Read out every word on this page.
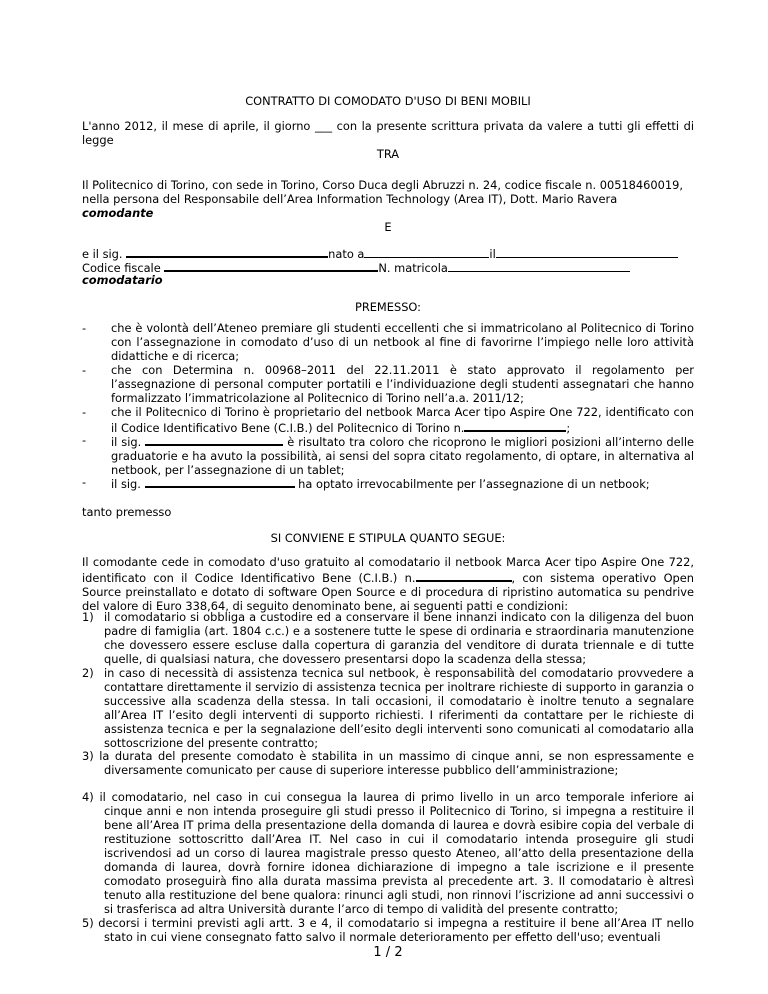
CONTRATTO DI COMODATO D'USO DI BENI MOBILI

L'anno 2012, il mese di aprile, il giorno ___ con la presente scrittura privata da valere a tutti gli effetti di legge

TRA

Il Politecnico di Torino, con sede in Torino, Corso Duca degli Abruzzi n. 24, codice fiscale n. 00518460019, nella persona del Responsabile dell’Area Information Technology (Area IT), Dott. Mario Ravera

comodante

E

e il sig.	nato a	il

Codice fiscale	N. matricola

comodatario

PREMESSO:

-	che è volontà dell’Ateneo premiare gli studenti eccellenti che si immatricolano al Politecnico di Torino con l’assegnazione in comodato d’uso di un netbook al fine di favorirne l’impiego nelle loro attività didattiche e di ricerca;

-	che con Determina n. 00968–2011 del 22.11.2011 è stato approvato il regolamento per l’assegnazione di personal computer portatili e l’individuazione degli studenti assegnatari che hanno formalizzato l’immatricolazione al Politecnico di Torino nell’a.a. 2011/12;

-	che il Politecnico di Torino è proprietario del netbook Marca Acer tipo Aspire One 722, identificato con il Codice Identificativo Bene (C.I.B.) del Politecnico di Torino n.	;

-	il sig.	è risultato tra coloro che ricoprono le migliori posizioni all’interno delle graduatorie e ha avuto la possibilità, ai sensi del sopra citato regolamento, di optare, in alternativa al netbook, per l’assegnazione di un tablet;

-	il sig.	ha optato irrevocabilmente per l’assegnazione di un netbook;

tanto premesso

SI CONVIENE E STIPULA QUANTO SEGUE:

Il comodante cede in comodato d'uso gratuito al comodatario il netbook Marca Acer tipo Aspire One 722, identificato con il Codice Identificativo Bene (C.I.B.) n.	, con sistema operativo Open Source preinstallato e dotato di software Open Source e di procedura di ripristino automatica su pendrive del valore di Euro 338,64, di seguito denominato bene, ai seguenti patti e condizioni:

1) il comodatario si obbliga a custodire ed a conservare il bene innanzi indicato con la diligenza del buon padre di famiglia (art. 1804 c.c.) e a sostenere tutte le spese di ordinaria e straordinaria manutenzione che dovessero essere escluse dalla copertura di garanzia del venditore di durata triennale e di tutte quelle, di qualsiasi natura, che dovessero presentarsi dopo la scadenza della stessa;

2) in caso di necessità di assistenza tecnica sul netbook, è responsabilità del comodatario provvedere a contattare direttamente il servizio di assistenza tecnica per inoltrare richieste di supporto in garanzia o successive alla scadenza della stessa. In tali occasioni, il comodatario è inoltre tenuto a segnalare all’Area IT l’esito degli interventi di supporto richiesti. I riferimenti da contattare per le richieste di assistenza tecnica e per la segnalazione dell’esito degli interventi sono comunicati al comodatario alla sottoscrizione del presente contratto;

3) la durata del presente comodato è stabilita in un massimo di cinque anni, se non espressamente e diversamente comunicato per cause di superiore interesse pubblico dell’amministrazione;

4) il comodatario, nel caso in cui consegua la laurea di primo livello in un arco temporale inferiore ai cinque anni e non intenda proseguire gli studi presso il Politecnico di Torino, si impegna a restituire il bene all’Area IT prima della presentazione della domanda di laurea e dovrà esibire copia del verbale di restituzione sottoscritto dall’Area IT. Nel caso in cui il comodatario intenda proseguire gli studi iscrivendosi ad un corso di laurea magistrale presso questo Ateneo, all’atto della presentazione della domanda di laurea, dovrà fornire idonea dichiarazione di impegno a tale iscrizione e il presente comodato proseguirà fino alla durata massima prevista al precedente art. 3. Il comodatario è altresì tenuto alla restituzione del bene qualora: rinunci agli studi, non rinnovi l’iscrizione ad anni successivi o si trasferisca ad altra Università durante l’arco di tempo di validità del presente contratto;

5) decorsi i termini previsti agli artt. 3 e 4, il comodatario si impegna a restituire il bene all’Area IT nello stato in cui viene consegnato fatto salvo il normale deterioramento per effetto dell'uso; eventuali

1 / 2
